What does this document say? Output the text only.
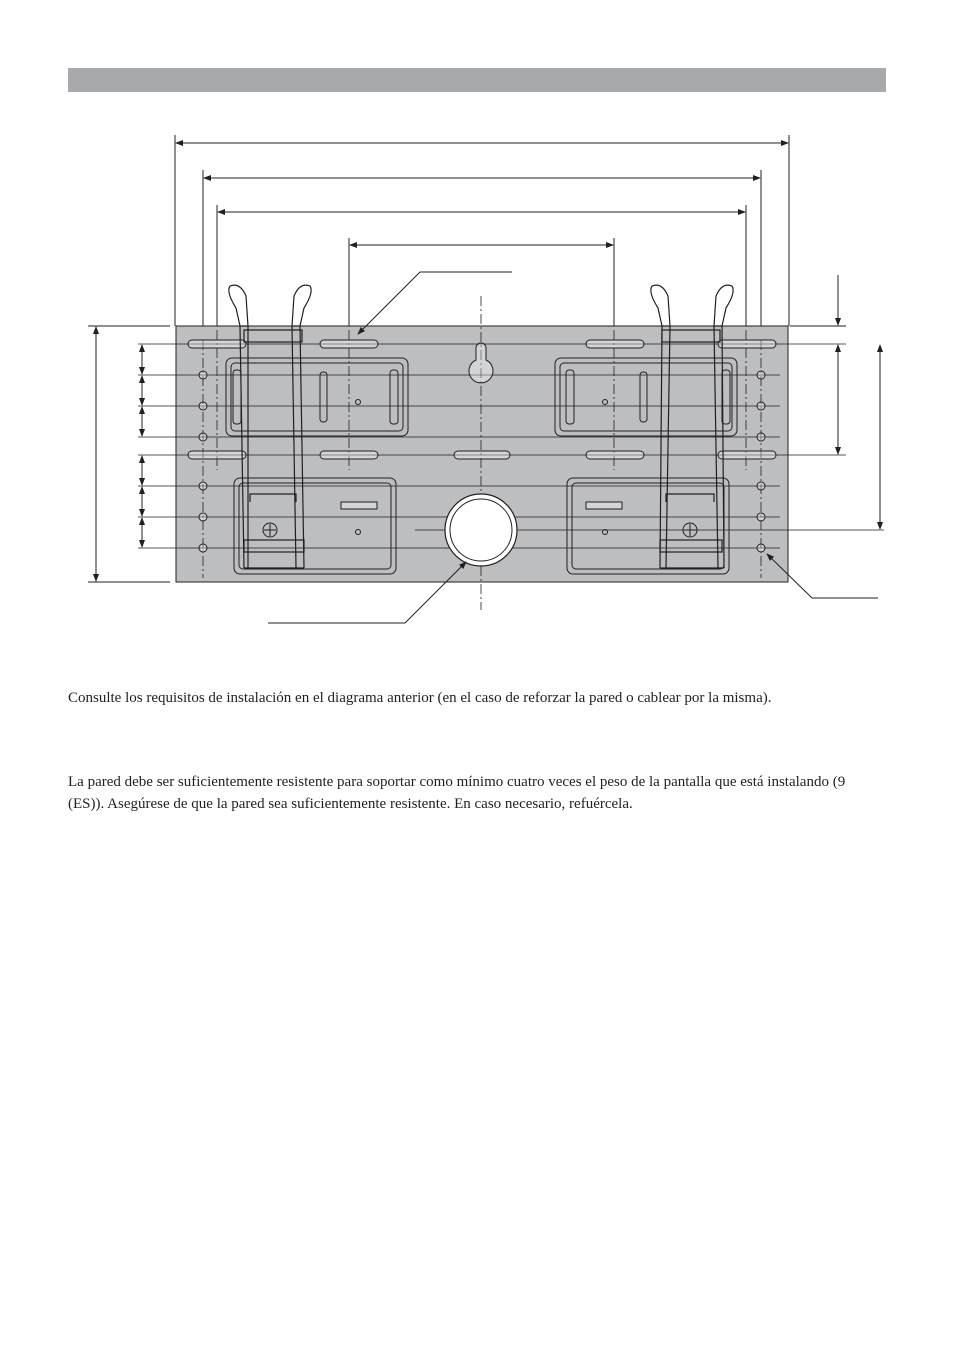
Consulte los requisitos de instalación en el diagrama anterior (en el caso de reforzar la pared o cablear por la misma).

La pared debe ser suficientemente resistente para soportar como mínimo cuatro veces el peso de la pantalla que está instalando (9 (ES)). Asegúrese de que la pared sea suficientemente resistente. En caso necesario, refuércela.
